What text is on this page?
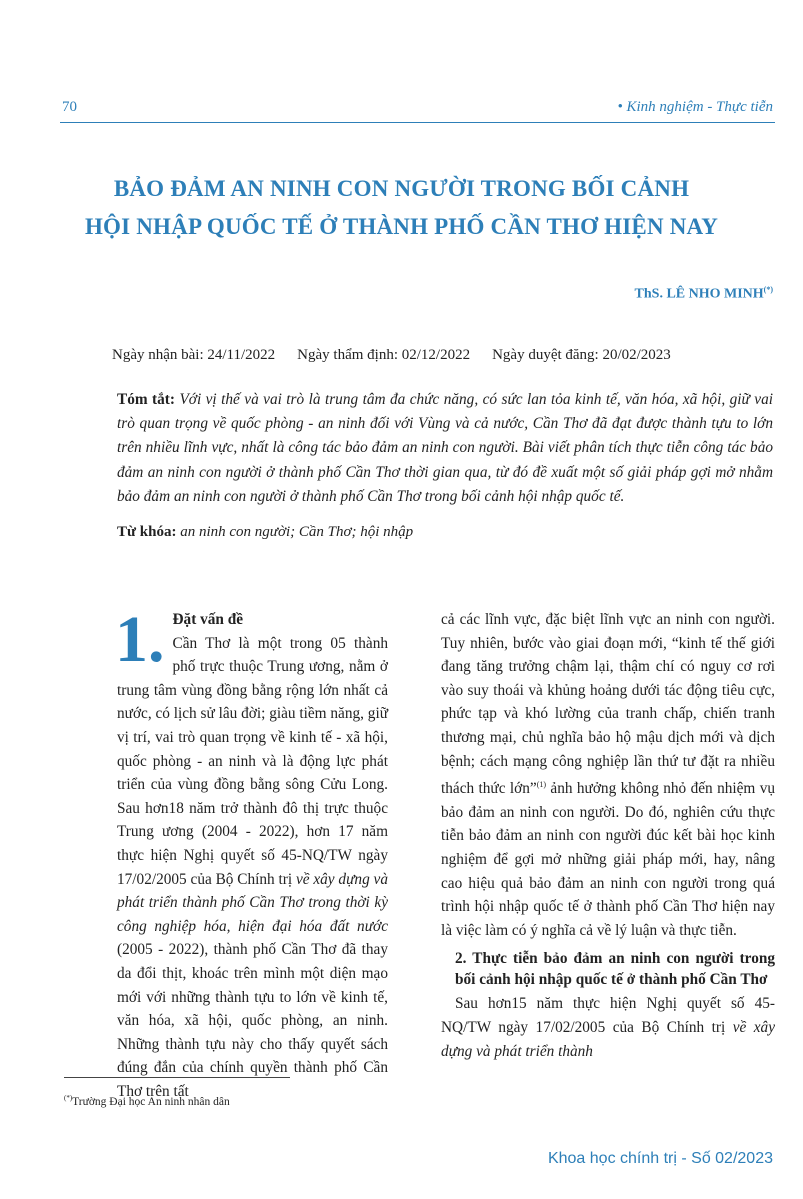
70	• Kinh nghiệm - Thực tiễn
BẢO ĐẢM AN NINH CON NGƯỜI TRONG BỐI CẢNH
HỘI NHẬP QUỐC TẾ Ở THÀNH PHỐ CẦN THƠ HIỆN NAY
ThS. LÊ NHO MINH(*)
Ngày nhận bài: 24/11/2022 Ngày thẩm định: 02/12/2022 Ngày duyệt đăng: 20/02/2023
Tóm tắt: Với vị thế và vai trò là trung tâm đa chức năng, có sức lan tỏa kinh tế, văn hóa, xã hội, giữ vai trò quan trọng về quốc phòng - an ninh đối với Vùng và cả nước, Cần Thơ đã đạt được thành tựu to lớn trên nhiều lĩnh vực, nhất là công tác bảo đảm an ninh con người. Bài viết phân tích thực tiễn công tác bảo đảm an ninh con người ở thành phố Cần Thơ thời gian qua, từ đó đề xuất một số giải pháp gợi mở nhằm bảo đảm an ninh con người ở thành phố Cần Thơ trong bối cảnh hội nhập quốc tế.
Từ khóa: an ninh con người; Cần Thơ; hội nhập
1. Đặt vấn đề

Cần Thơ là một trong 05 thành phố trực thuộc Trung ương, nằm ở trung tâm vùng đồng bằng rộng lớn nhất cả nước, có lịch sử lâu đời; giàu tiềm năng, giữ vị trí, vai trò quan trọng về kinh tế - xã hội, quốc phòng - an ninh và là động lực phát triển của vùng đồng bằng sông Cửu Long. Sau hơn18 năm trở thành đô thị trực thuộc Trung ương (2004 - 2022), hơn 17 năm thực hiện Nghị quyết số 45-NQ/TW ngày 17/02/2005 của Bộ Chính trị về xây dựng và phát triển thành phố Cần Thơ trong thời kỳ công nghiệp hóa, hiện đại hóa đất nước (2005 - 2022), thành phố Cần Thơ đã thay da đổi thịt, khoác trên mình một diện mạo mới với những thành tựu to lớn về kinh tế, văn hóa, xã hội, quốc phòng, an ninh. Những thành tựu này cho thấy quyết sách đúng đắn của chính quyền thành phố Cần Thơ trên tất

cả các lĩnh vực, đặc biệt lĩnh vực an ninh con người. Tuy nhiên, bước vào giai đoạn mới, “kinh tế thế giới đang tăng trưởng chậm lại, thậm chí có nguy cơ rơi vào suy thoái và khủng hoảng dưới tác động tiêu cực, phức tạp và khó lường của tranh chấp, chiến tranh thương mại, chủ nghĩa bảo hộ mậu dịch mới và dịch bệnh; cách mạng công nghiệp lần thứ tư đặt ra nhiều thách thức lớn”$^{(1)}$ ảnh hưởng không nhỏ đến nhiệm vụ bảo đảm an ninh con người. Do đó, nghiên cứu thực tiễn bảo đảm an ninh con người đúc kết bài học kinh nghiệm để gợi mở những giải pháp mới, hay, nâng cao hiệu quả bảo đảm an ninh con người trong quá trình hội nhập quốc tế ở thành phố Cần Thơ hiện nay là việc làm có ý nghĩa cả về lý luận và thực tiễn.

2. Thực tiễn bảo đảm an ninh con người trong bối cảnh hội nhập quốc tế ở thành phố Cần Thơ

Sau hơn15 năm thực hiện Nghị quyết số 45-NQ/TW ngày 17/02/2005 của Bộ Chính trị về xây dựng và phát triển thành

(*)Trường Đại học An ninh nhân dân
Khoa học chính trị - Số 02/2023
